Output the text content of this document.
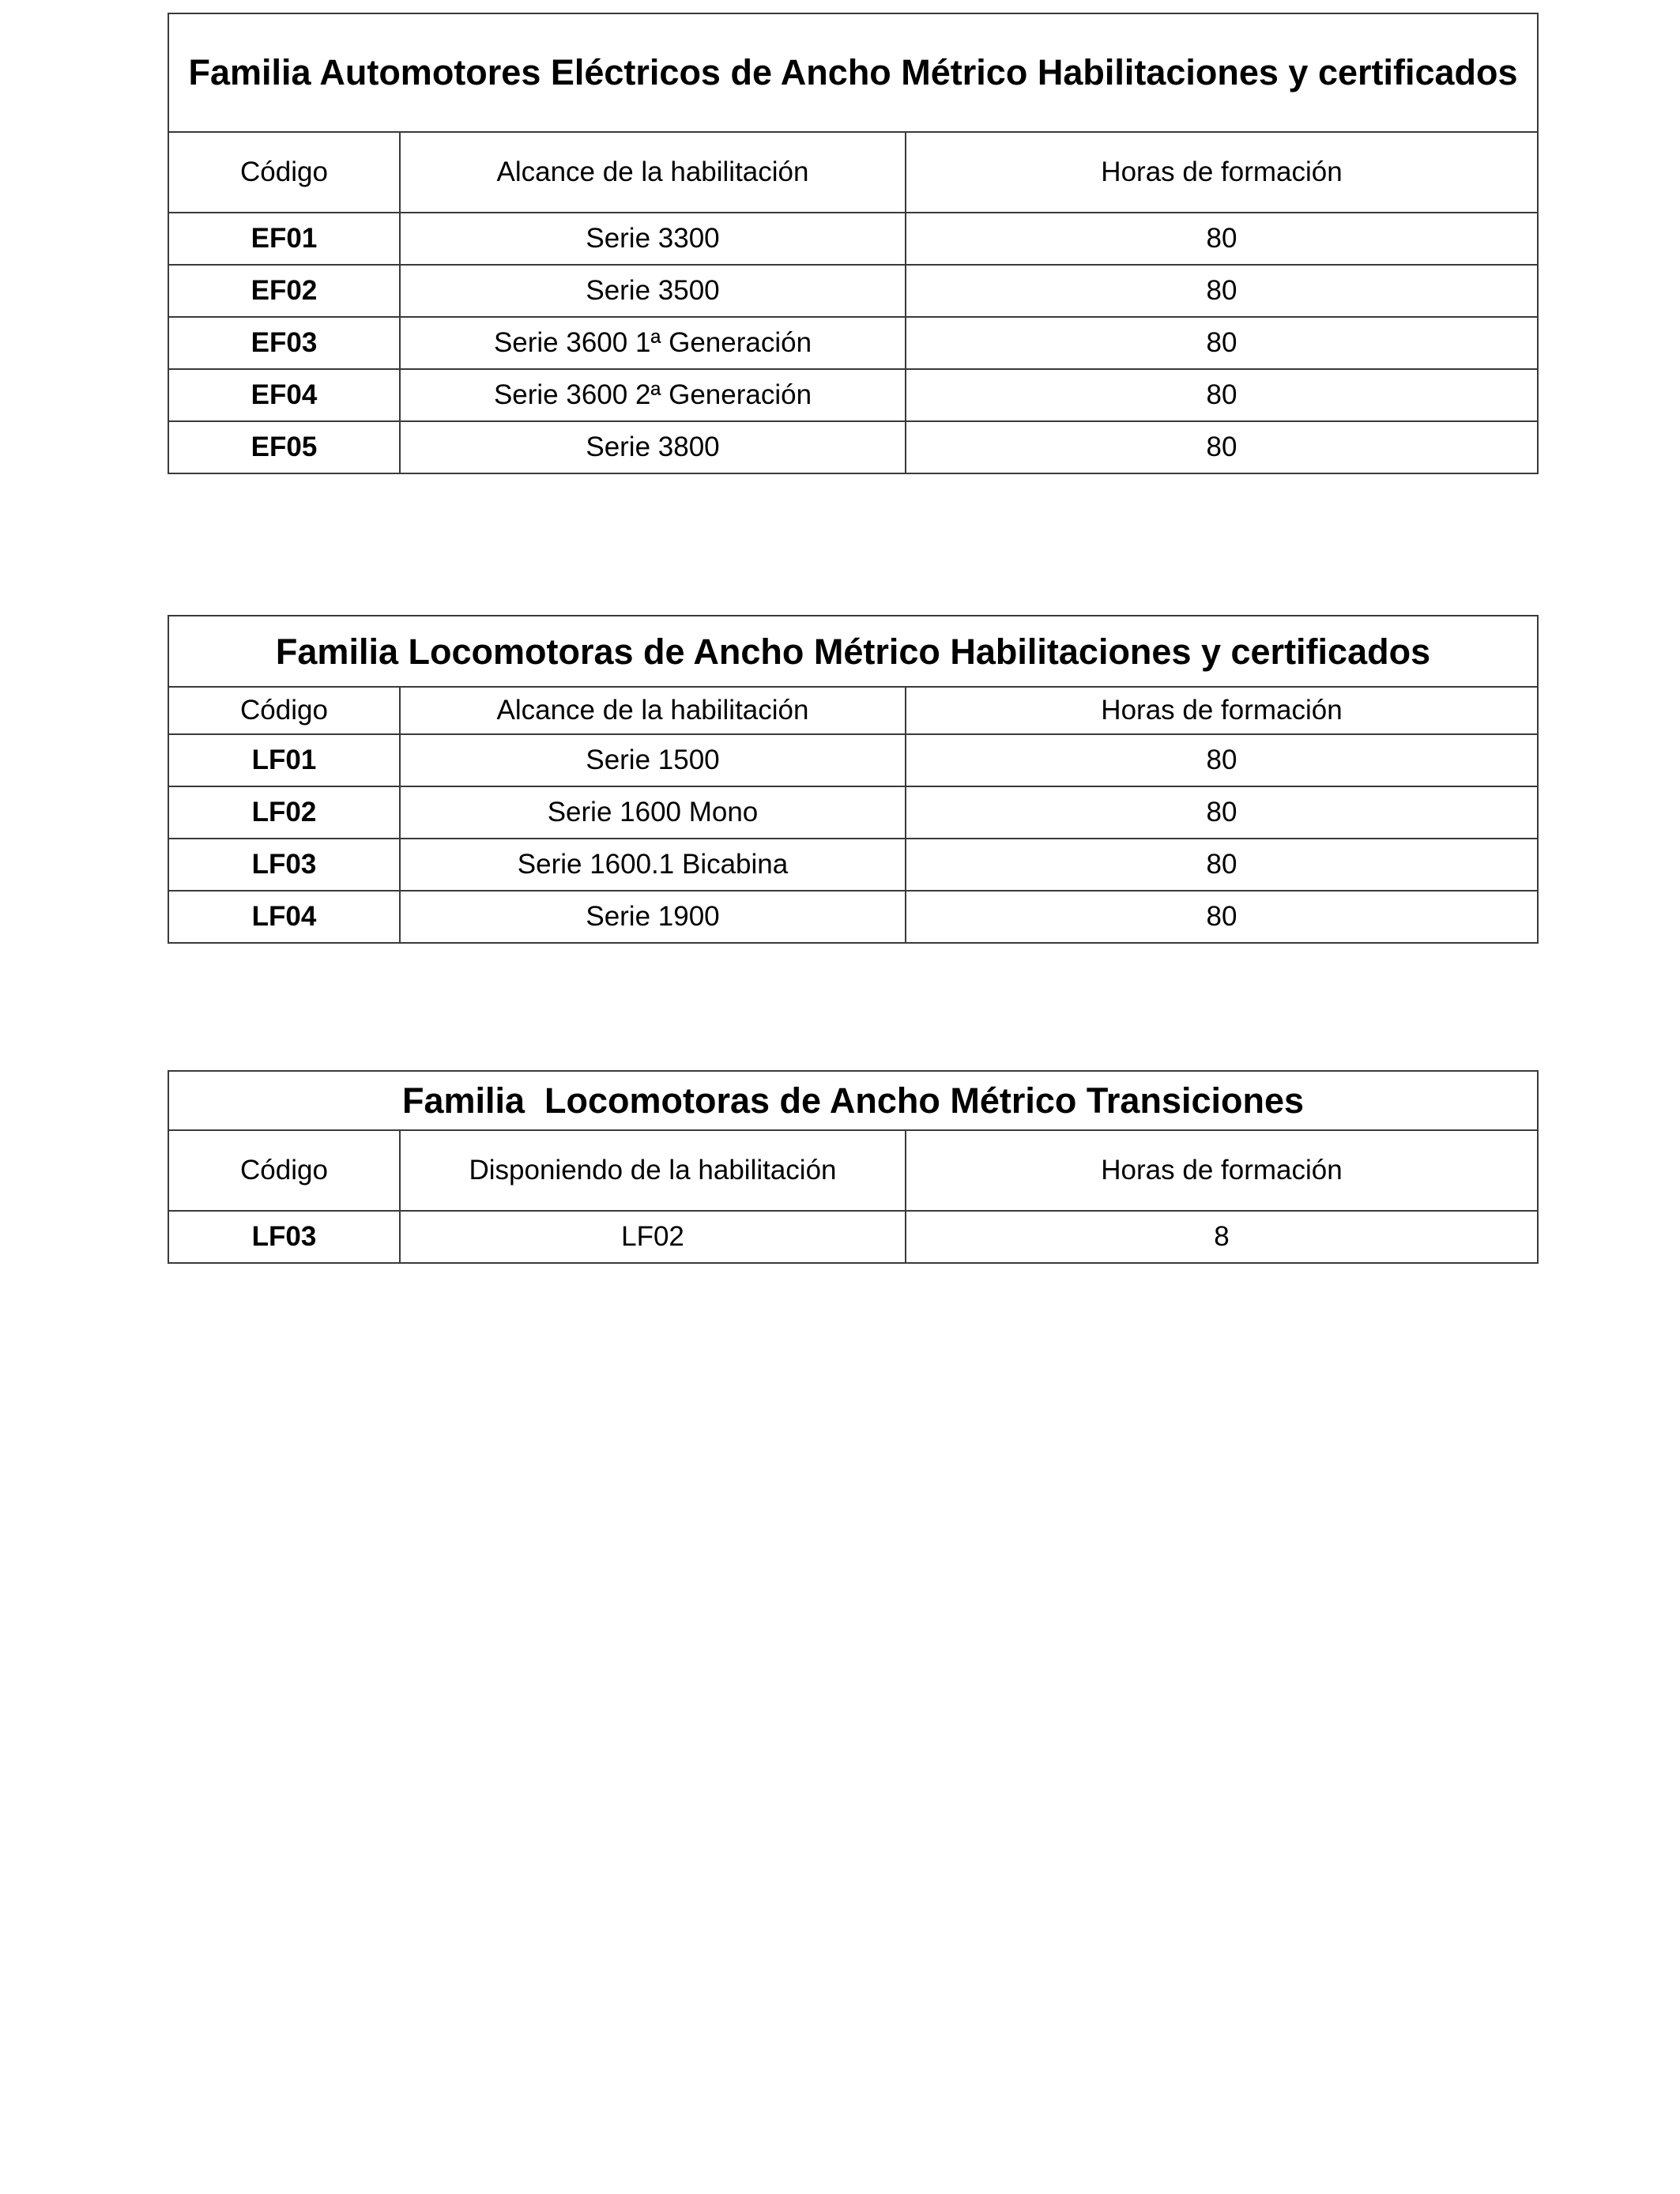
Familia Automotores Eléctricos de Ancho Métrico Habilitaciones y certificados		
Código	Alcance de la habilitación	Horas de formación
EF01	Serie 3300	80
EF02	Serie 3500	80
EF03	Serie 3600 1ª Generación	80
EF04	Serie 3600 2ª Generación	80
EF05	Serie 3800	80
Familia Locomotoras de Ancho Métrico Habilitaciones y certificados		
Código	Alcance de la habilitación	Horas de formación
LF01	Serie 1500	80
LF02	Serie 1600 Mono	80
LF03	Serie 1600.1 Bicabina	80
LF04	Serie 1900	80
Familia  Locomotoras de Ancho Métrico Transiciones		
Código	Disponiendo de la habilitación	Horas de formación
LF03	LF02	8
